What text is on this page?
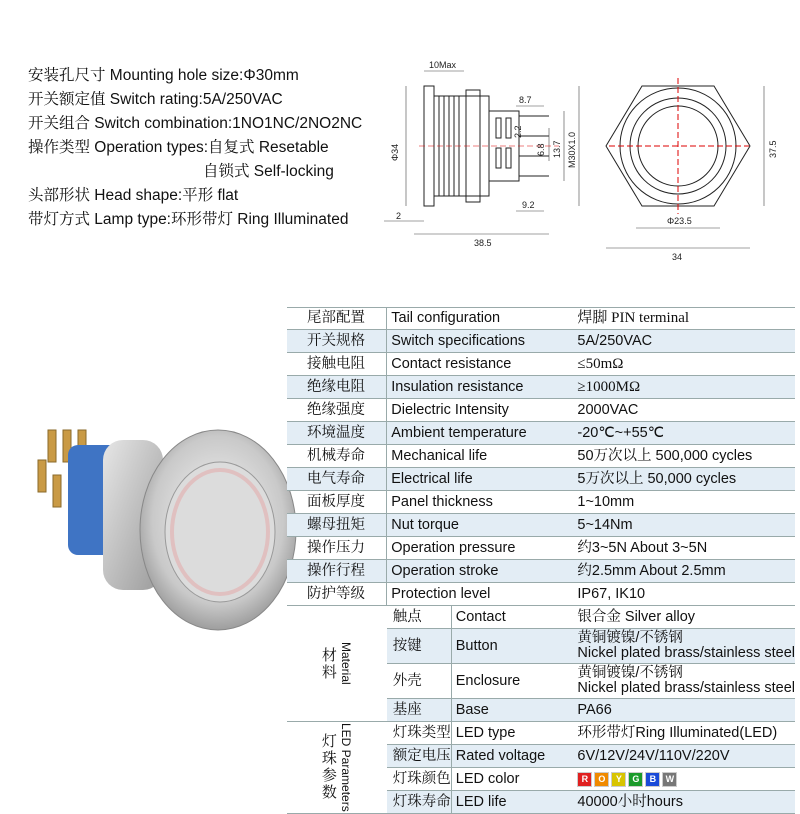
安装孔尺寸 Mounting hole size:Φ30mm
开关额定值 Switch rating:5A/250VAC
开关组合 Switch combination:1NO1NC/2NO2NC
操作类型 Operation types:自复式 Resetable
自锁式 Self-locking
头部形状 Head shape:平形 flat
带灯方式 Lamp type:环形带灯 Ring Illuminated
10Max
Φ34
8.7
2.2
6.8 13.7 M30X1.0
9.2
2
38.5
Φ23.5
37.5
34
尾部配置	Tail configuration		焊脚 PIN terminal
开关规格	Switch specifications		5A/250VAC
接触电阻	Contact resistance		≤50mΩ
绝缘电阻	Insulation resistance		≥1000MΩ
绝缘强度	Dielectric Intensity		2000VAC
环境温度	Ambient temperature		-20℃~+55℃
机械寿命	Mechanical life		50万次以上 500,000 cycles
电气寿命	Electrical life		5万次以上 50,000 cycles
面板厚度	Panel thickness		1~10mm
螺母扭矩	Nut torque		5~14Nm
操作压力	Operation pressure		约3~5N About 3~5N
操作行程	Operation stroke		约2.5mm About 2.5mm
防护等级	Protection level		IP67, IK10

材料 Material	触点	Contact	银合金 Silver alloy
	按键	Button	黄铜镀镍/不锈钢
Nickel plated brass/stainless steel

	外壳	Enclosure	黄铜镀镍/不锈钢
Nickel plated brass/stainless steel

	基座	Base	PA66

灯珠参数 LED Parameters	灯珠类型	LED type	环形带灯Ring Illuminated(LED)
	额定电压	Rated voltage	6V/12V/24V/110V/220V
	灯珠颜色	LED color	R O Y G B W
	灯珠寿命	LED life	40000小时hours
